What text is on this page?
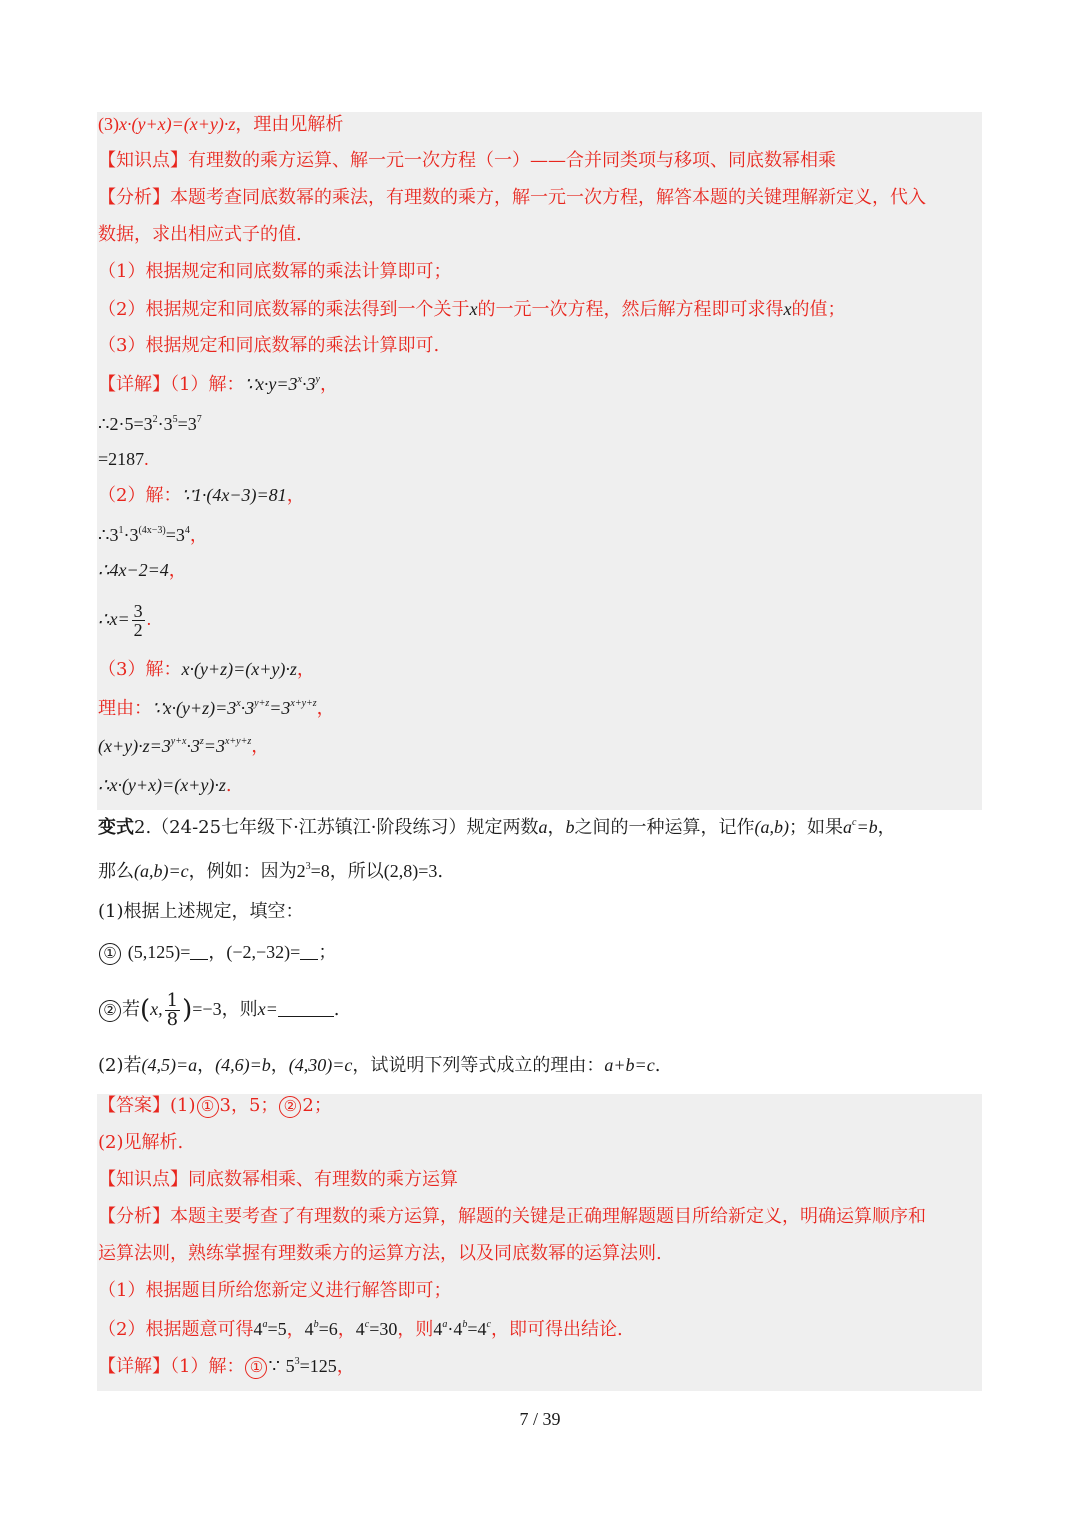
(3)x·(y+x)=(x+y)·z，理由见解析
【知识点】有理数的乘方运算、解一元一次方程（一）——合并同类项与移项、同底数幂相乘
【分析】本题考查同底数幂的乘法，有理数的乘方，解一元一次方程，解答本题的关键理解新定义，代入
数据，求出相应式子的值.
（1）根据规定和同底数幂的乘法计算即可；
（2）根据规定和同底数幂的乘法得到一个关于x的一元一次方程，然后解方程即可求得x的值；
（3）根据规定和同底数幂的乘法计算即可.
【详解】（1）解：$\because x\cdot y=3^x\cdot 3^y$，
$\therefore 2\cdot 5=3^2\cdot 3^5=3^7$
=2187.
（2）解：∵1·(4x−3)=81，
$\therefore 3^1\cdot 3^{(4x-3)}=3^4$，
∴4x−2=4，
∴x= $\frac{3}{2}$ .
（3）解：x·(y+z)=(x+y)·z，
理由：$\because x\cdot(y+z)=3^x\cdot 3^{y+z}=3^{x+y+z}$，
$(x+y)\cdot z=3^{y+x}\cdot 3^z=3^{x+y+z}$，
∴x·(y+x)=(x+y)·z.
变式2.（24-25七年级下·江苏镇江·阶段练习）规定两数a，b之间的一种运算，记作(a,b)；如果$a^c=b$，
那么(a,b)=c，例如：因为$2^3=8$，所以(2,8)=3.
(1)根据上述规定，填空：
① (5,125)= ，(−2,−32)= ；
② 若(x, $\frac{1}{8} )=-3$，则x=	.
(2)若(4,5)=a，(4,6)=b，(4,30)=c，试说明下列等式成立的理由：a+b=c.
【答案】(1) ① 3，5； ② 2；
(2)见解析.
【知识点】同底数幂相乘、有理数的乘方运算
【分析】本题主要考查了有理数的乘方运算，解题的关键是正确理解题题目所给新定义，明确运算顺序和
运算法则，熟练掌握有理数乘方的运算方法，以及同底数幂的运算法则.
（1）根据题目所给您新定义进行解答即可；
（2）根据题意可得$4^a=5$，$4^b=6$，$4^c=30$，则$4^a\cdot 4^b=4^c$，即可得出结论.
【详解】（1）解： ① ∵ $5^3=125$，
7 / 39
